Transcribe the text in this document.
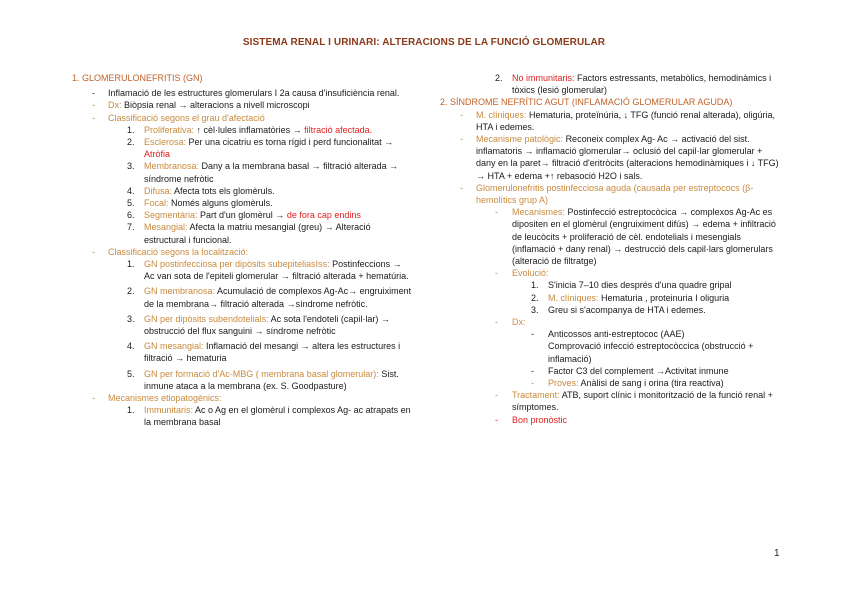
SISTEMA RENAL I URINARI: ALTERACIONS DE LA FUNCIÓ GLOMERULAR
1. GLOMERULONEFRITIS (GN)
- Inflamació de les estructures glomerulars I 2a causa d'insuficiència renal.
- Dx: Biòpsia renal → alteracions a nivell microscopi
- Classificació segons el grau d'afectació
1. Proliferativa: ↑ cèl·lules inflamatòries → filtració afectada.
2. Esclerosa: Per una cicatriu es torna rígid i perd funcionalitat → Atròfia
3. Membranosa: Dany a la membrana basal → filtració alterada → síndrome nefròtic
4. Difusa: Afecta tots els glomèruls.
5. Focal: Només alguns glomèruls.
6. Segmentària: Part d'un glomèrul → de fora cap endins
7. Mesangial: Afecta la matriu mesangial (greu) → Alteració estructural i funcional.
- Classificació segons la localització:
1. GN postinfecciosa per dipòsits subepiteliasIss: Postinfeccions → Ac van sota de l'epiteli glomerular → filtració alterada + hematúria.
2. GN membranosa: Acumulació de complexos Ag-Ac→ engruiximent de la membrana→ filtració alterada →síndrome nefròtic.
3. GN per dipòsits subendotelials: Ac sota l'endoteli (capil·lar) → obstrucció del flux sanguini → síndrome nefròtic
4. GN mesangial: Inflamació del mesangi → altera les estructures i filtració → hematuria
5. GN per formació d'Ac-MBG ( membrana basal glomerular): Sist. inmune ataca a la membrana (ex. S. Goodpasture)
- Mecanismes etiopatogènics:
1. Immunitaris: Ac o Ag en el glomèrul i complexos Ag- ac atrapats en la membrana basal
2. No immunitaris: Factors estressants, metabòlics, hemodinàmics i tòxics (lesió glomerular)
2. SÍNDROME NEFRÍTIC AGUT (INFLAMACIÓ GLOMERULAR AGUDA)
- M. clíniques: Hematuria, proteïnúria, ↓ TFG (funció renal alterada), oligúria, HTA i edemes.
- Mecanisme patològic: Reconeix complex Ag- Ac → activació del sist. inflamatoris → inflamació glomerular→ oclusió del capil·lar glomerular + dany en la paret→ filtració d'eritròcits (alteracions hemodinàmiques i ↓ TFG) → HTA + edema +↑ rebasoció H2O i sals.
- Glomerulonefritis postinfecciosa aguda (causada per estreptococs (β-hemolítics grup A)
- Mecanismes: Postinfecció estreptocòcica → complexos Ag-Ac es dipositen en el glomèrul (engruiximent difús) → edema + infiltració de leucòcits + proliferació de cèl. endotelials i mesengials (inflamació + dany renal) → destrucció dels capil·lars glomerulars (alteració de filtratge)
- Evolució:
1. S'inicia 7–10 dies després d'una quadre gripal
2. M. clíniques: Hematuria , proteinuria I oliguria
3. Greu si s'acompanya de HTA i edemes.
- Dx:
- Anticossos anti-estreptococ (AAE)
Comprovació infecció estreptocòccica (obstrucció + inflamació)
- Factor C3 del complement →Activitat inmune
- Proves: Anàlisi de sang i orina (tira reactiva)
- Tractament: ATB, suport clínic i monitorització de la funció renal + símptomes.
- Bon pronòstic
1
